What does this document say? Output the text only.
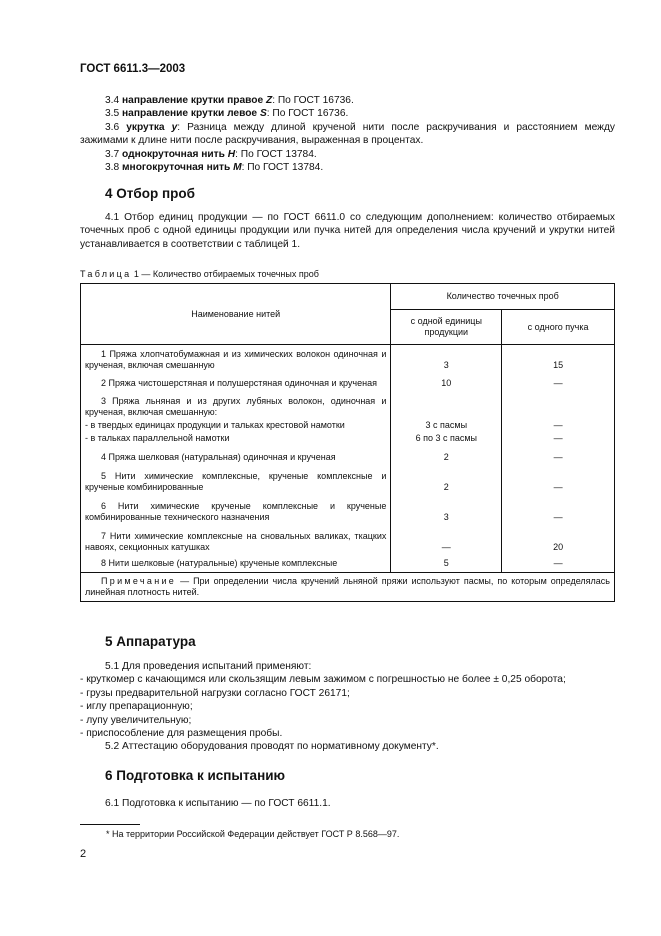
ГОСТ 6611.3—2003
3.4 направление крутки правое Z: По ГОСТ 16736.
3.5 направление крутки левое S: По ГОСТ 16736.
3.6 укрутка y: Разница между длиной крученой нити после раскручивания и расстоянием между зажимами к длине нити после раскручивания, выраженная в процентах.
3.7 однокруточная нить H: По ГОСТ 13784.
3.8 многокруточная нить M: По ГОСТ 13784.
4 Отбор проб
4.1 Отбор единиц продукции — по ГОСТ 6611.0 со следующим дополнением: количество отбираемых точечных проб с одной единицы продукции или пучка нитей для определения числа кручений и укрутки нитей устанавливается в соответствии с таблицей 1.
Таблица 1 — Количество отбираемых точечных проб
Наименование нитей	Количество точечных проб	
	с одной единицы продукции	с одного пучка
1 Пряжа хлопчатобумажная и из химических волокон одиночная и крученая, включая смешанную	3	15
2 Пряжа чистошерстяная и полушерстяная одиночная и крученая	10	—
3 Пряжа льняная и из других лубяных волокон, одиночная и крученая, включая смешанную:		
- в твердых единицах продукции и тальках крестовой намотки	3 с пасмы	—
- в тальках параллельной намотки	6 по 3 с пасмы	—
4 Пряжа шелковая (натуральная) одиночная и крученая	2	—
5 Нити химические комплексные, крученые комплексные и крученые комбинированные	2	—
6 Нити химические крученые комплексные и крученые комбинированные технического назначения	3	—
7 Нити химические комплексные на сновальных валиках, ткацких навоях, секционных катушках	—	20
8 Нити шелковые (натуральные) крученые комплексные	5	—
Примечание — При определении числа кручений льняной пряжи используют пасмы, по которым определялась линейная плотность нитей.		
5 Аппаратура
5.1 Для проведения испытаний применяют:
- круткомер с качающимся или скользящим левым зажимом с погрешностью не более ± 0,25 оборота;
- грузы предварительной нагрузки согласно ГОСТ 26171;
- иглу препарационную;
- лупу увеличительную;
- приспособление для размещения пробы.
5.2 Аттестацию оборудования проводят по нормативному документу*.
6 Подготовка к испытанию
6.1 Подготовка к испытанию — по ГОСТ 6611.1.
* На территории Российской Федерации действует ГОСТ Р 8.568—97.
2
